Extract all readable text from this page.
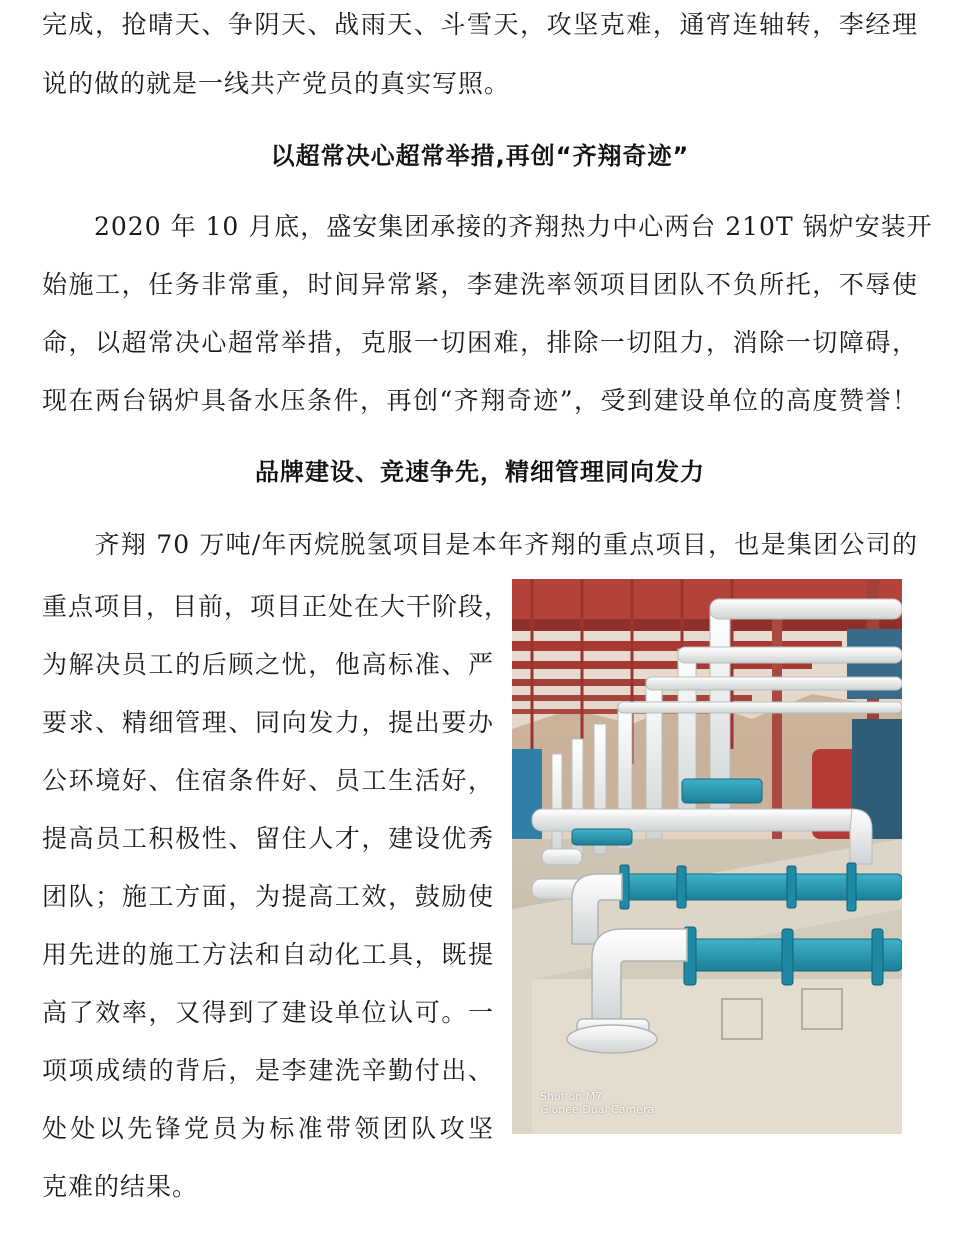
完成，抢晴天、争阴天、战雨天、斗雪天，攻坚克难，通宵连轴转，李经理
说的做的就是一线共产党员的真实写照。
以超常决心超常举措,再创“齐翔奇迹”
　　2020 年 10 月底，盛安集团承接的齐翔热力中心两台 210T 锅炉安装开
始施工，任务非常重，时间异常紧，李建洗率领项目团队不负所托，不辱使
命，以超常决心超常举措，克服一切困难，排除一切阻力，消除一切障碍，
现在两台锅炉具备水压条件，再创“齐翔奇迹”，受到建设单位的高度赞誉！
品牌建设、竞速争先，精细管理同向发力
　　齐翔 70 万吨/年丙烷脱氢项目是本年齐翔的重点项目，也是集团公司的
重点项目，目前，项目正处在大干阶段，
为解决员工的后顾之忧，他高标准、严
要求、精细管理、同向发力，提出要办
公环境好、住宿条件好、员工生活好，
提高员工积极性、留住人才，建设优秀
团队；施工方面，为提高工效，鼓励使
用先进的施工方法和自动化工具，既提
高了效率，又得到了建设单位认可。一
项项成绩的背后，是李建洗辛勤付出、
处处以先锋党员为标准带领团队攻坚
克难的结果。
Shot on M7
Gionee Dual Camera
